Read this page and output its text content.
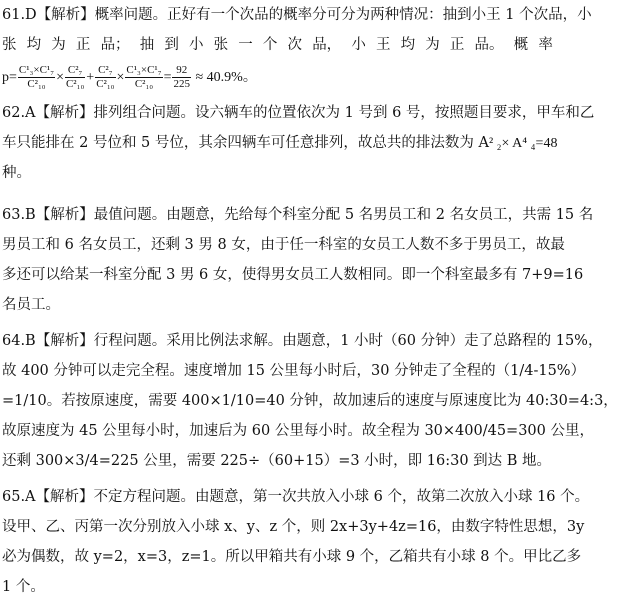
61.D【解析】概率问题。正好有一个次品的概率分可分为两种情况：抽到小王 1 个次品，小
张 均 为 正 品； 抽 到 小 张 一 个 次 品， 小 王 均 为 正 品。 概 率
$p= \frac{\text{C¹₃×C¹₇}}{\text{C²₁₀}} \times \frac{\text{C²₇}}{\text{C²₁₀}} + \frac{\text{C²₇}}{\text{C²₁₀}} \times \frac{\text{C¹₃×C¹₇}}{\text{C²₁₀}} = \frac{92}{225} \approx 40.9\%$。
62.A【解析】排列组合问题。设六辆车的位置依次为 1 号到 6 号，按照题目要求，甲车和乙
车只能排在 2 号位和 5 号位，其余四辆车可任意排列，故总共的排法数为 A² ₂× A⁴ ₄=48
种。
63.B【解析】最值问题。由题意，先给每个科室分配 5 名男员工和 2 名女员工，共需 15 名
男员工和 6 名女员工，还剩 3 男 8 女，由于任一科室的女员工人数不多于男员工，故最
多还可以给某一科室分配 3 男 6 女，使得男女员工人数相同。即一个科室最多有 7+9=16
名员工。
64.B【解析】行程问题。采用比例法求解。由题意，1 小时（60 分钟）走了总路程的 15%，
故 400 分钟可以走完全程。速度增加 15 公里每小时后，30 分钟走了全程的（1/4-15%）
=1/10。若按原速度，需要 400×1/10=40 分钟，故加速后的速度与原速度比为 40:30=4:3，
故原速度为 45 公里每小时，加速后为 60 公里每小时。故全程为 30×400/45=300 公里，
还剩 300×3/4=225 公里，需要 225÷（60+15）=3 小时，即 16:30 到达 B 地。
65.A【解析】不定方程问题。由题意，第一次共放入小球 6 个，故第二次放入小球 16 个。
设甲、乙、丙第一次分别放入小球 x、y、z 个，则 2x+3y+4z=16，由数字特性思想，3y
必为偶数，故 y=2，x=3，z=1。所以甲箱共有小球 9 个，乙箱共有小球 8 个。甲比乙多
1 个。
